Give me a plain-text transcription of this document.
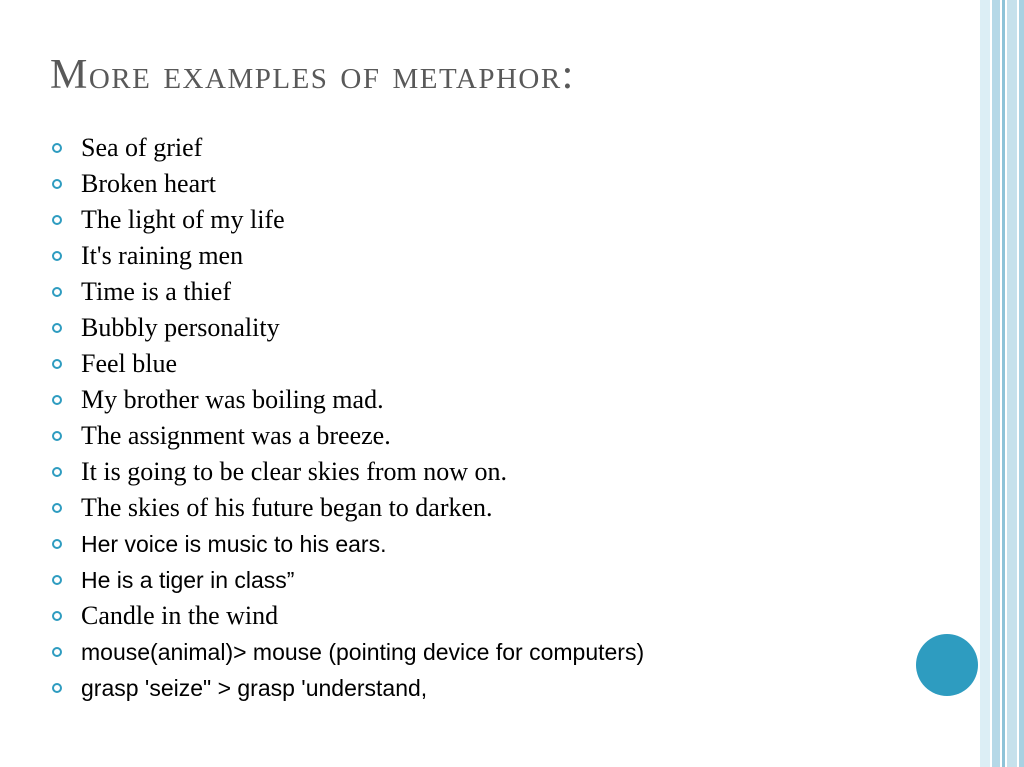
More examples of metaphor:
Sea of grief
Broken heart
The light of my life
It's raining men
Time is a thief
Bubbly personality
Feel blue
My brother was boiling mad.
The assignment was a breeze.
It is going to be clear skies from now on.
The skies of his future began to darken.
Her voice is music to his ears.
He is a tiger in class”
Candle in the wind
mouse(animal)> mouse (pointing device for computers)
grasp 'seize" > grasp 'understand,
